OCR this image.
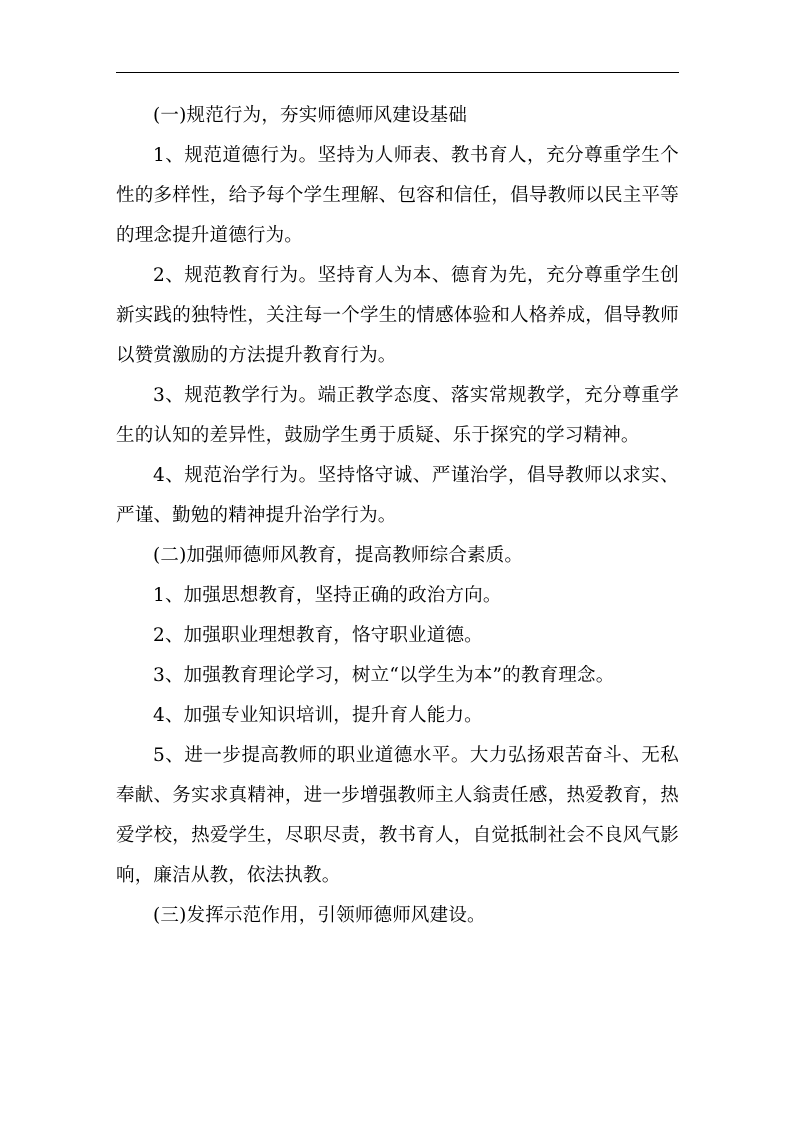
(一)规范行为，夯实师德师风建设基础

1、规范道德行为。坚持为人师表、教书育人，充分尊重学生个性的多样性，给予每个学生理解、包容和信任，倡导教师以民主平等的理念提升道德行为。

2、规范教育行为。坚持育人为本、德育为先，充分尊重学生创新实践的独特性，关注每一个学生的情感体验和人格养成，倡导教师以赞赏激励的方法提升教育行为。

3、规范教学行为。端正教学态度、落实常规教学，充分尊重学生的认知的差异性，鼓励学生勇于质疑、乐于探究的学习精神。

4、规范治学行为。坚持恪守诚、严谨治学，倡导教师以求实、严谨、勤勉的精神提升治学行为。

(二)加强师德师风教育，提高教师综合素质。

1、加强思想教育，坚持正确的政治方向。

2、加强职业理想教育，恪守职业道德。

3、加强教育理论学习，树立“以学生为本”的教育理念。

4、加强专业知识培训，提升育人能力。

5、进一步提高教师的职业道德水平。大力弘扬艰苦奋斗、无私奉献、务实求真精神，进一步增强教师主人翁责任感，热爱教育，热爱学校，热爱学生，尽职尽责，教书育人，自觉抵制社会不良风气影响，廉洁从教，依法执教。

(三)发挥示范作用，引领师德师风建设。
